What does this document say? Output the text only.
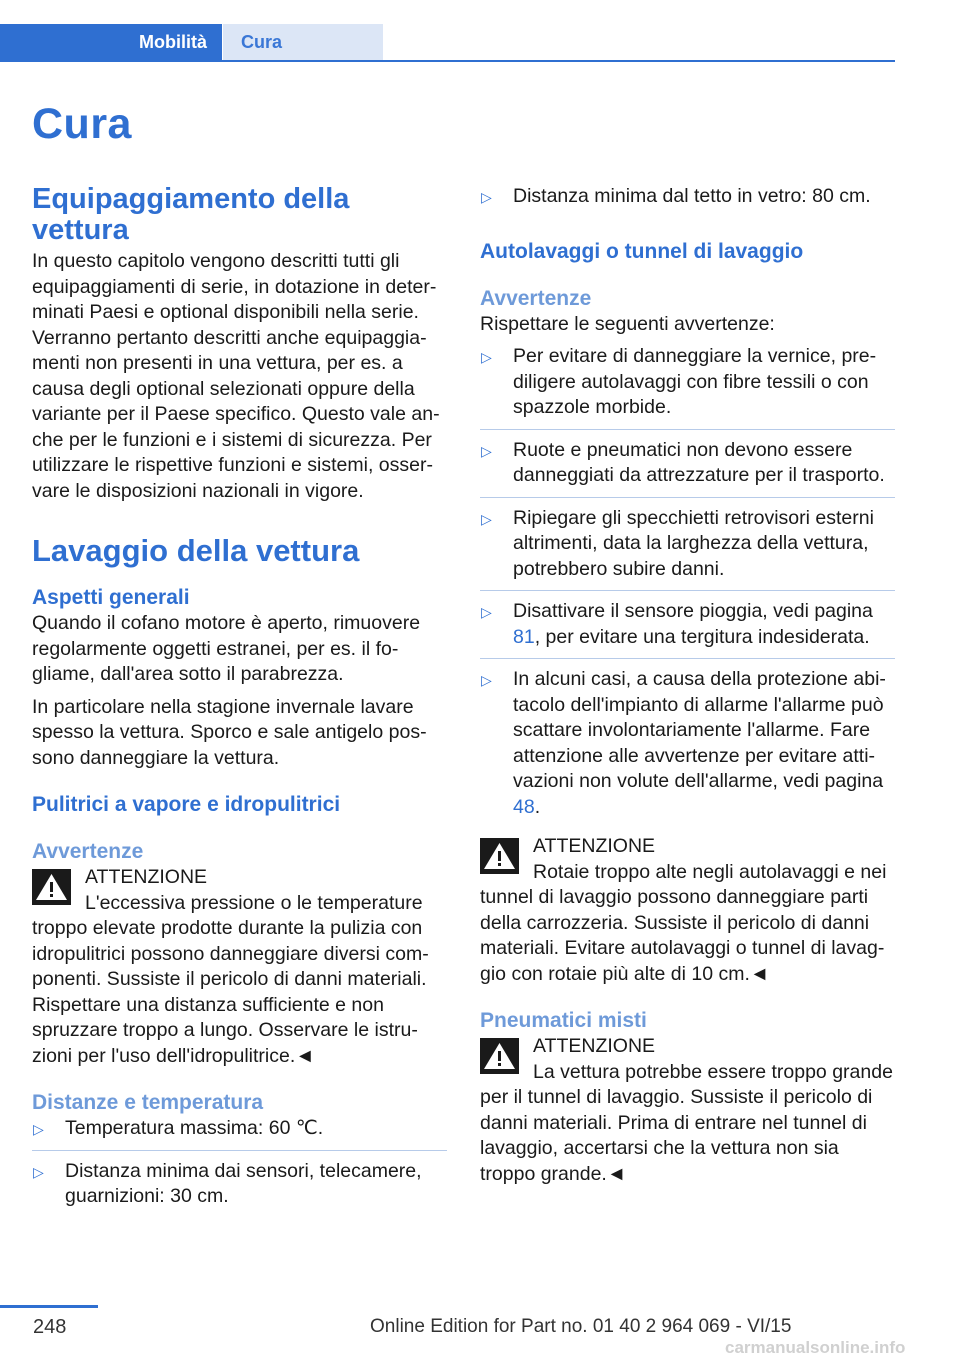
Mobilità	Cura
Cura
Equipaggiamento della vettura

In questo capitolo vengono descritti tutti gli equipaggiamenti di serie, in dotazione in determinati Paesi e optional disponibili nella serie. Verranno pertanto descritti anche equipaggiamenti non presenti in una vettura, per es. a causa degli optional selezionati oppure della variante per il Paese specifico. Questo vale anche per le funzioni e i sistemi di sicurezza. Per utilizzare le rispettive funzioni e sistemi, osservare le disposizioni nazionali in vigore.

Lavaggio della vettura
Aspetti generali

Quando il cofano motore è aperto, rimuovere regolarmente oggetti estranei, per es. il fogliame, dall'area sotto il parabrezza.

In particolare nella stagione invernale lavare spesso la vettura. Sporco e sale antigelo possono danneggiare la vettura.

Pulitrici a vapore e idropulitrici
Avvertenze
ATTENZIONE
L'eccessiva pressione o le temperature troppo elevate prodotte durante la pulizia con idropulitrici possono danneggiare diversi componenti. Sussiste il pericolo di danni materiali. Rispettare una distanza sufficiente e non spruzzare troppo a lungo. Osservare le istruzioni per l'uso dell'idropulitrice.◄
Distanze e temperatura
▷ Temperatura massima: 60 ℃.
▷ Distanza minima dai sensori, telecamere, guarnizioni: 30 cm.
▷ Distanza minima dal tetto in vetro: 80 cm.
Autolavaggi o tunnel di lavaggio
Avvertenze

Rispettare le seguenti avvertenze:

▷ Per evitare di danneggiare la vernice, prediligere autolavaggi con fibre tessili o con spazzole morbide.
▷ Ruote e pneumatici non devono essere danneggiati da attrezzature per il trasporto.
▷ Ripiegare gli specchietti retrovisori esterni altrimenti, data la larghezza della vettura, potrebbero subire danni.
▷ Disattivare il sensore pioggia, vedi pagina 81, per evitare una tergitura indesiderata.
▷ In alcuni casi, a causa della protezione abitacolo dell'impianto di allarme l'allarme può scattare involontariamente l'allarme. Fare attenzione alle avvertenze per evitare attivazioni non volute dell'allarme, vedi pagina 48.
ATTENZIONE
Rotaie troppo alte negli autolavaggi e nei tunnel di lavaggio possono danneggiare parti della carrozzeria. Sussiste il pericolo di danni materiali. Evitare autolavaggi o tunnel di lavaggio con rotaie più alte di 10 cm.◄
Pneumatici misti
ATTENZIONE
La vettura potrebbe essere troppo grande per il tunnel di lavaggio. Sussiste il pericolo di danni materiali. Prima di entrare nel tunnel di lavaggio, accertarsi che la vettura non sia troppo grande.◄
248	Online Edition for Part no. 01 40 2 964 069 - VI/15
carmanualsonline.info
